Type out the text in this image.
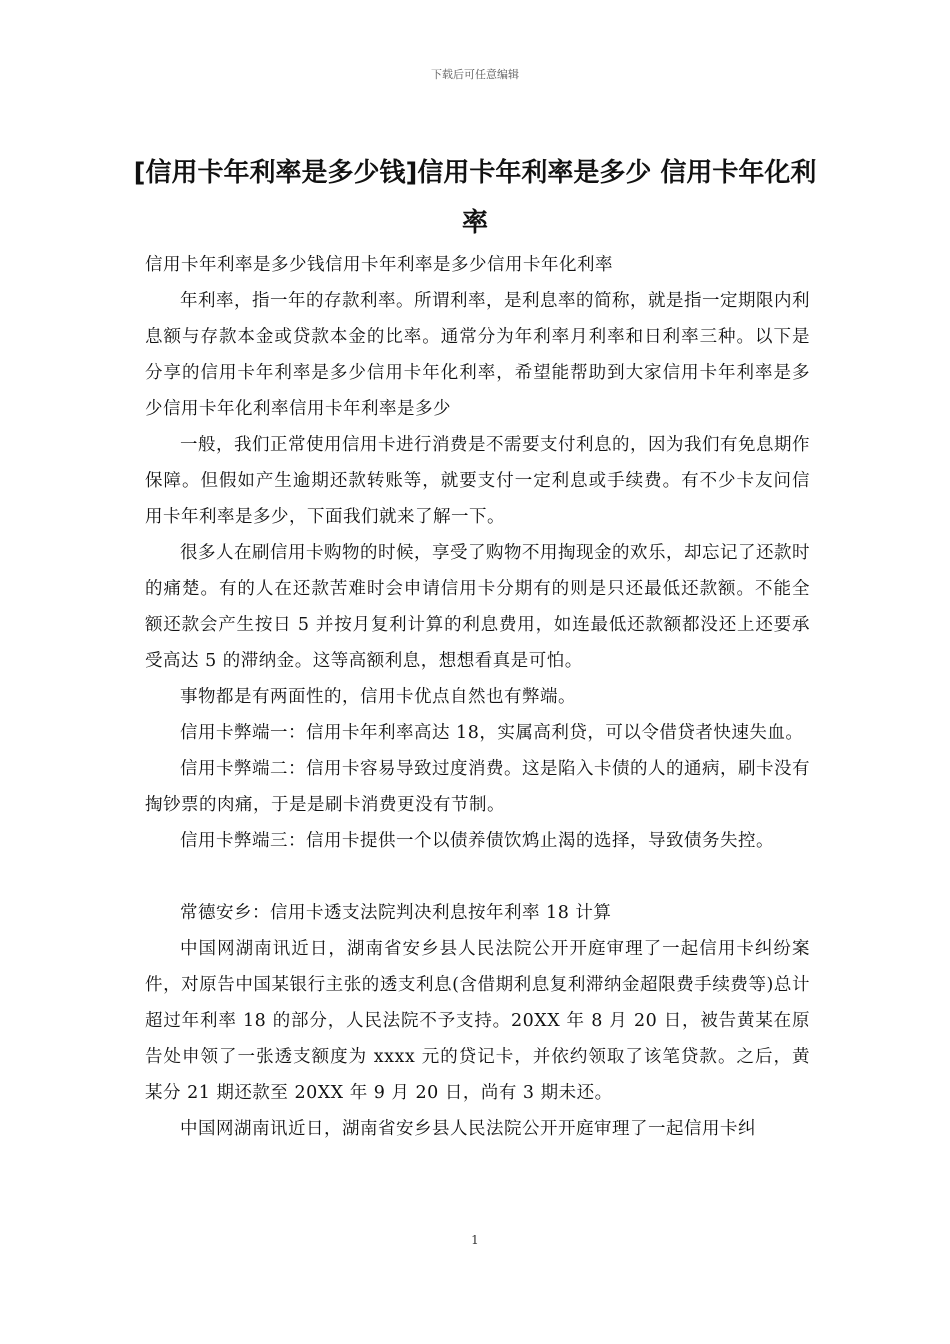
下载后可任意编辑
[信用卡年利率是多少钱]信用卡年利率是多少 信用卡年化利率

信用卡年利率是多少钱信用卡年利率是多少信用卡年化利率

年利率，指一年的存款利率。所谓利率，是利息率的简称，就是指一定期限内利息额与存款本金或贷款本金的比率。通常分为年利率月利率和日利率三种。以下是分享的信用卡年利率是多少信用卡年化利率，希望能帮助到大家信用卡年利率是多少信用卡年化利率信用卡年利率是多少

一般，我们正常使用信用卡进行消费是不需要支付利息的，因为我们有免息期作保障。但假如产生逾期还款转账等，就要支付一定利息或手续费。有不少卡友问信用卡年利率是多少，下面我们就来了解一下。

很多人在刷信用卡购物的时候，享受了购物不用掏现金的欢乐，却忘记了还款时的痛楚。有的人在还款苦难时会申请信用卡分期有的则是只还最低还款额。不能全额还款会产生按日 5 并按月复利计算的利息费用，如连最低还款额都没还上还要承受高达 5 的滞纳金。这等高额利息，想想看真是可怕。

事物都是有两面性的，信用卡优点自然也有弊端。

信用卡弊端一：信用卡年利率高达 18，实属高利贷，可以令借贷者快速失血。

信用卡弊端二：信用卡容易导致过度消费。这是陷入卡债的人的通病，刷卡没有掏钞票的肉痛，于是是刷卡消费更没有节制。

信用卡弊端三：信用卡提供一个以债养债饮鸩止渴的选择，导致债务失控。

常德安乡：信用卡透支法院判决利息按年利率 18 计算

中国网湖南讯近日，湖南省安乡县人民法院公开开庭审理了一起信用卡纠纷案件，对原告中国某银行主张的透支利息(含借期利息复利滞纳金超限费手续费等)总计超过年利率 18 的部分，人民法院不予支持。20XX 年 8 月 20 日，被告黄某在原告处申领了一张透支额度为 xxxx 元的贷记卡，并依约领取了该笔贷款。之后，黄某分 21 期还款至 20XX 年 9 月 20 日，尚有 3 期未还。

中国网湖南讯近日，湖南省安乡县人民法院公开开庭审理了一起信用卡纠

1
